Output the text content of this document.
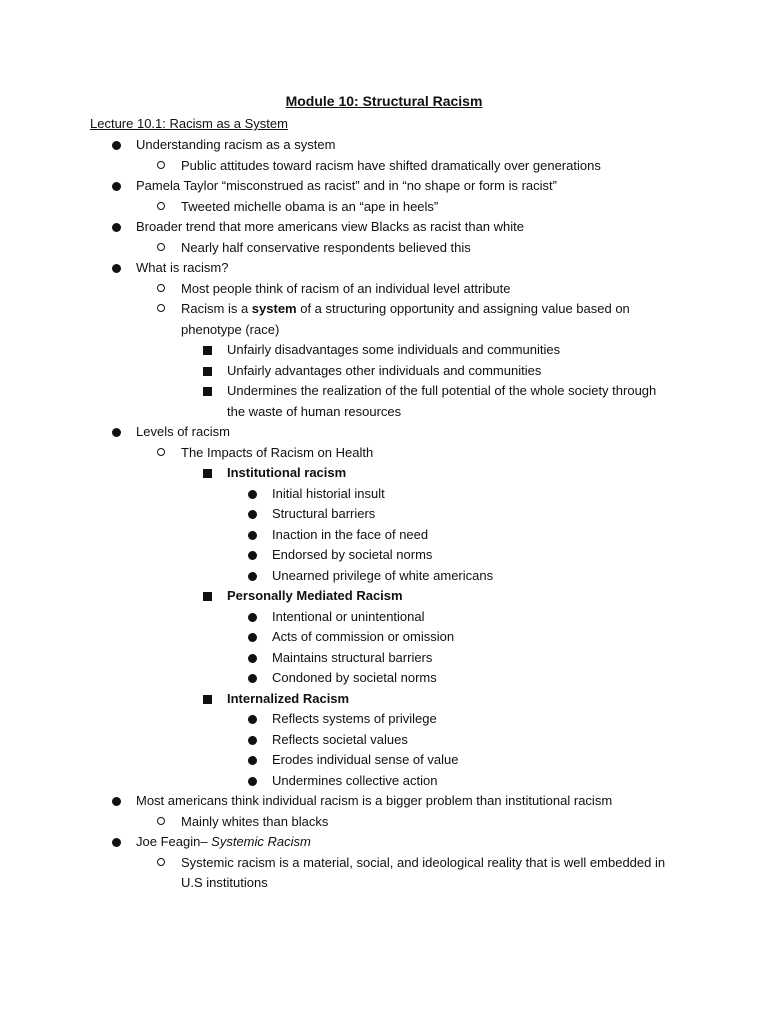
Module 10: Structural Racism
Lecture 10.1: Racism as a System
Understanding racism as a system
Public attitudes toward racism have shifted dramatically over generations
Pamela Taylor “misconstrued as racist” and in “no shape or form is racist”
Tweeted michelle obama is an “ape in heels”
Broader trend that more americans view Blacks as racist than white
Nearly half conservative respondents believed this
What is racism?
Most people think of racism of an individual level attribute
Racism is a system of a structuring opportunity and assigning value based on
phenotype (race)
Unfairly disadvantages some individuals and communities
Unfairly advantages other individuals and communities
Undermines the realization of the full potential of the whole society through
the waste of human resources
Levels of racism
The Impacts of Racism on Health
Institutional racism
Initial historial insult
Structural barriers
Inaction in the face of need
Endorsed by societal norms
Unearned privilege of white americans
Personally Mediated Racism
Intentional or unintentional
Acts of commission or omission
Maintains structural barriers
Condoned by societal norms
Internalized Racism
Reflects systems of privilege
Reflects societal values
Erodes individual sense of value
Undermines collective action
Most americans think individual racism is a bigger problem than institutional racism
Mainly whites than blacks
Joe Feagin– Systemic Racism
Systemic racism is a material, social, and ideological reality that is well embedded in
U.S institutions
